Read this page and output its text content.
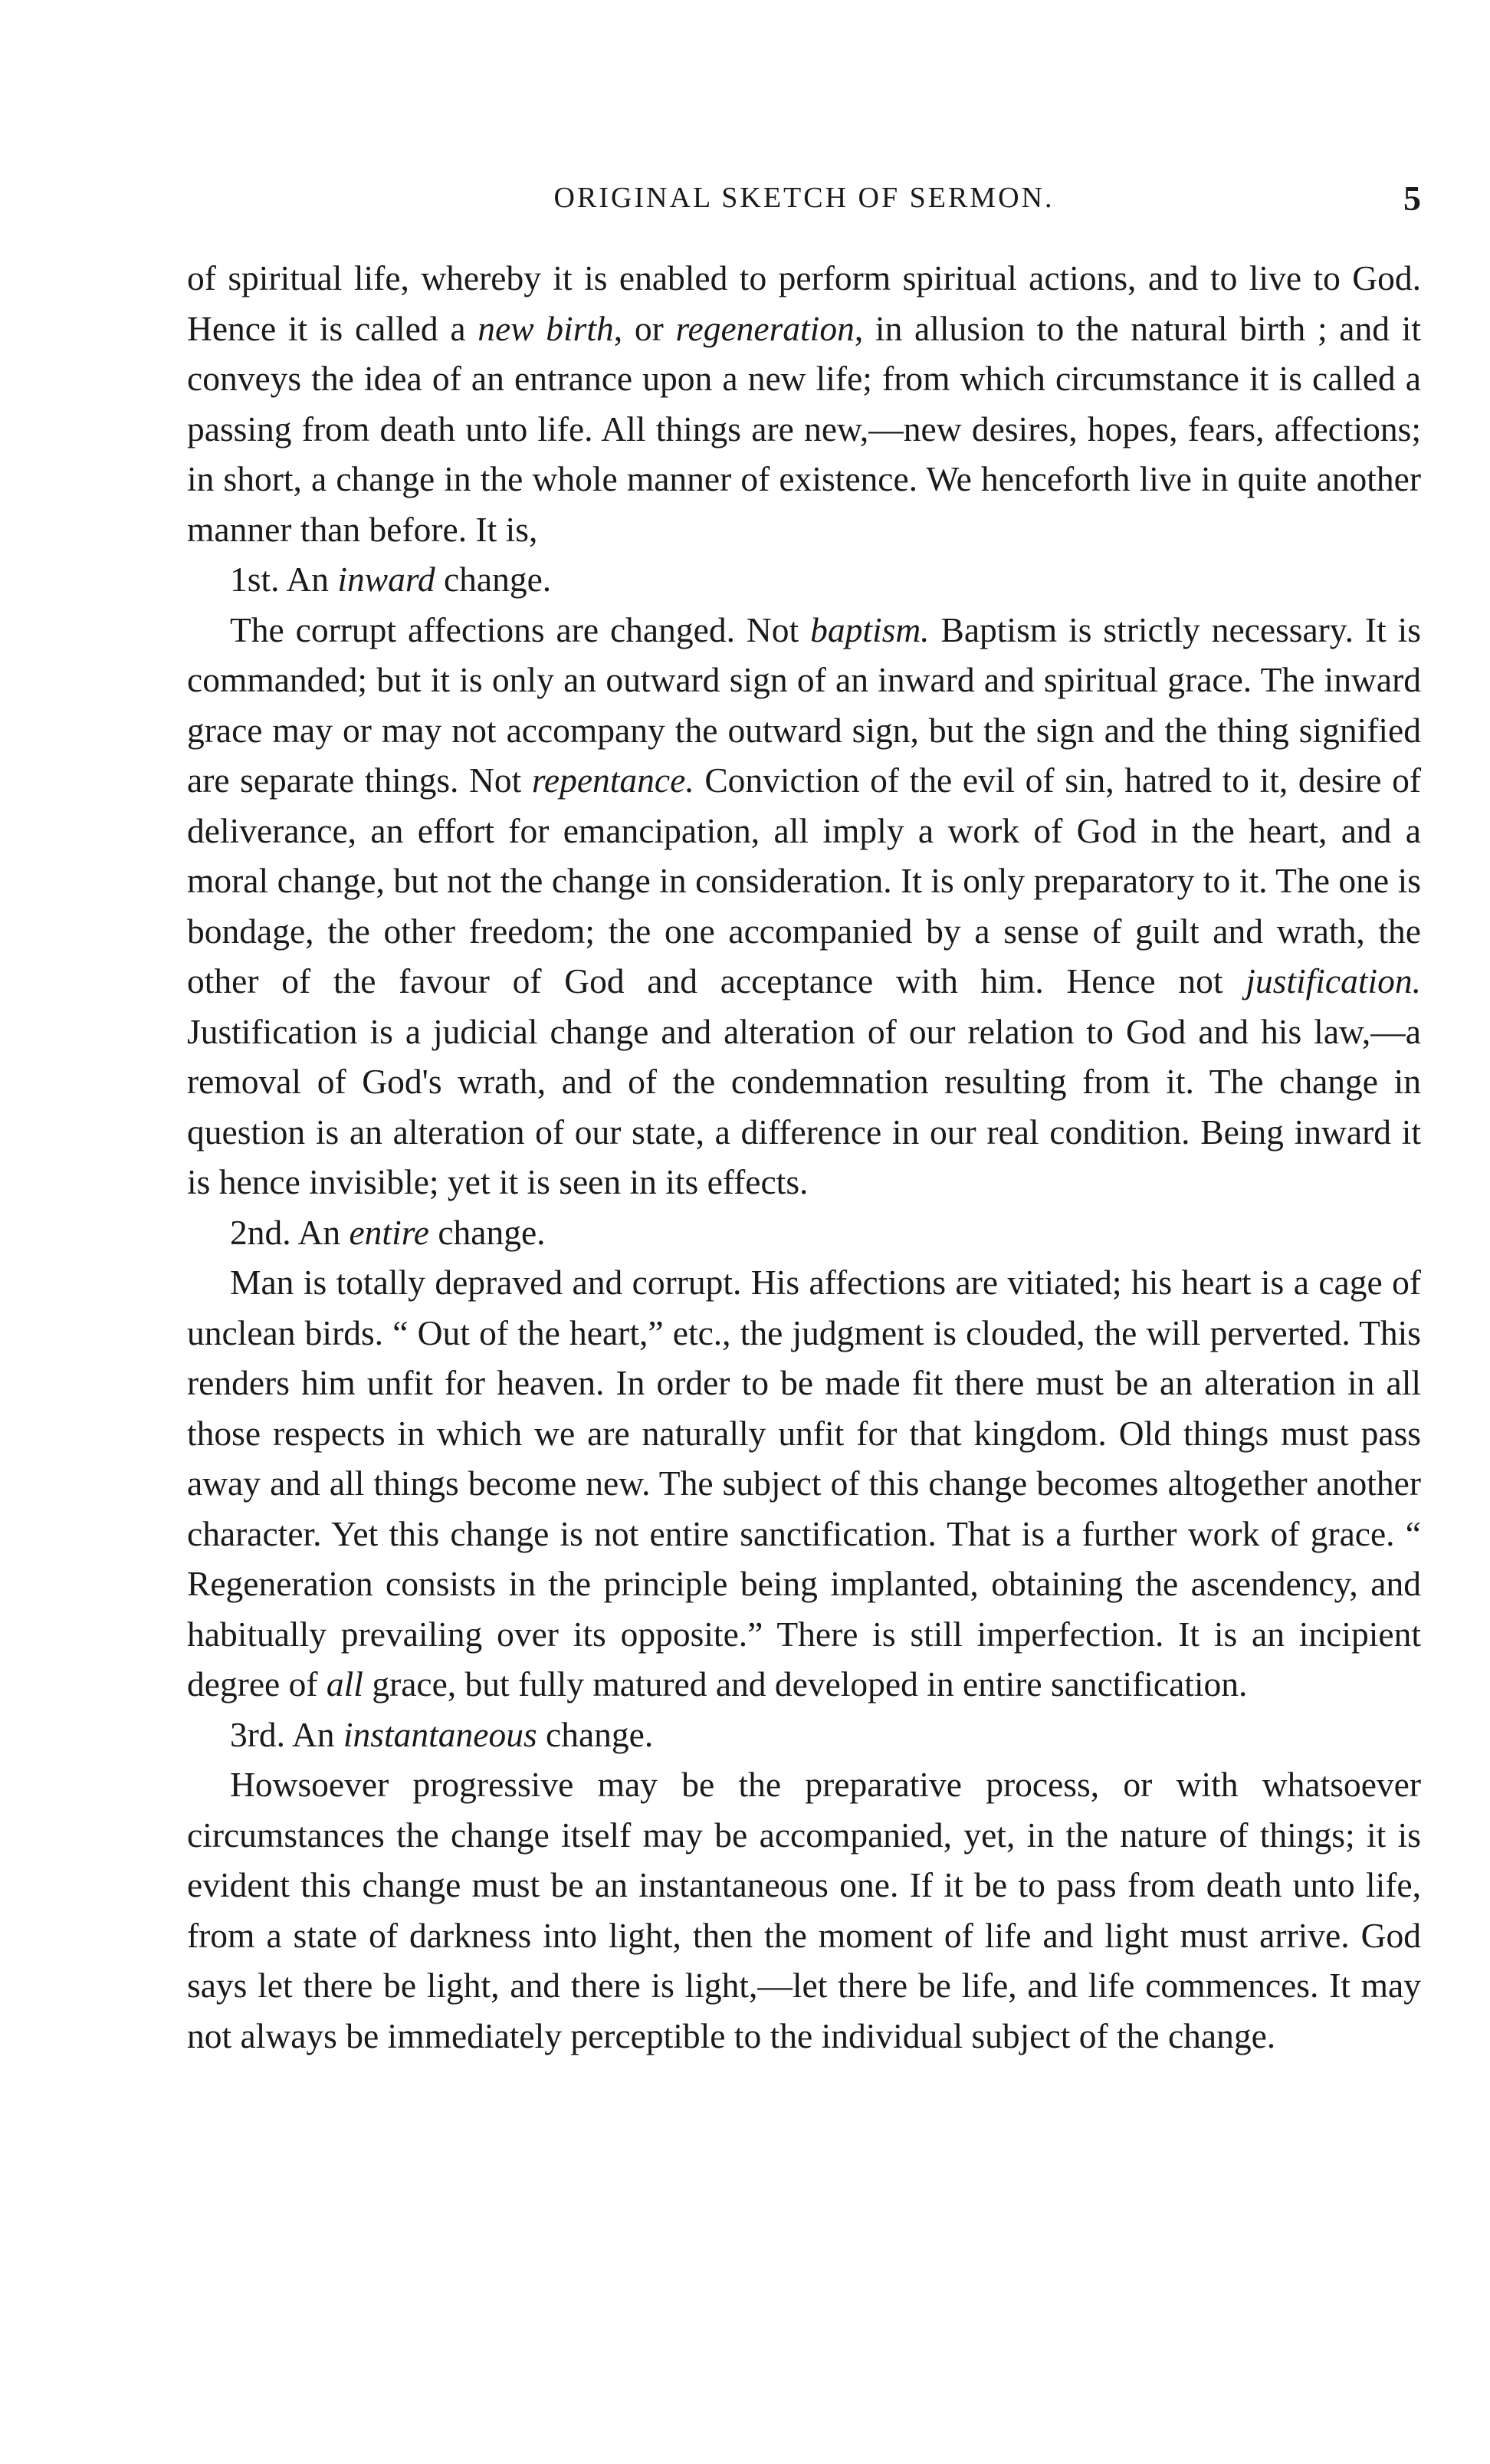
ORIGINAL SKETCH OF SERMON.	5

of spiritual life, whereby it is enabled to perform spiritual actions, and to live to God. Hence it is called a new birth, or regeneration, in allusion to the natural birth ; and it conveys the idea of an entrance upon a new life; from which circumstance it is called a passing from death unto life. All things are new,—new desires, hopes, fears, affections; in short, a change in the whole manner of existence. We henceforth live in quite another manner than before. It is,

1st. An inward change.

The corrupt affections are changed. Not baptism. Baptism is strictly necessary. It is commanded; but it is only an outward sign of an inward and spiritual grace. The inward grace may or may not accompany the outward sign, but the sign and the thing signified are separate things. Not repentance. Conviction of the evil of sin, hatred to it, desire of deliverance, an effort for emancipation, all imply a work of God in the heart, and a moral change, but not the change in consideration. It is only preparatory to it. The one is bondage, the other freedom; the one accompanied by a sense of guilt and wrath, the other of the favour of God and acceptance with him. Hence not justification. Justification is a judicial change and alteration of our relation to God and his law,—a removal of God's wrath, and of the condemnation resulting from it. The change in question is an alteration of our state, a difference in our real condition. Being inward it is hence invisible; yet it is seen in its effects.

2nd. An entire change.

Man is totally depraved and corrupt. His affections are vitiated; his heart is a cage of unclean birds. “ Out of the heart,” etc., the judgment is clouded, the will perverted. This renders him unfit for heaven. In order to be made fit there must be an alteration in all those respects in which we are naturally unfit for that kingdom. Old things must pass away and all things become new. The subject of this change becomes altogether another character. Yet this change is not entire sanctification. That is a further work of grace. “ Regeneration consists in the principle being implanted, obtaining the ascendency, and habitually prevailing over its opposite.” There is still imperfection. It is an incipient degree of all grace, but fully matured and developed in entire sanctification.

3rd. An instantaneous change.

Howsoever progressive may be the preparative process, or with whatsoever circumstances the change itself may be accompanied, yet, in the nature of things; it is evident this change must be an instantaneous one. If it be to pass from death unto life, from a state of darkness into light, then the moment of life and light must arrive. God says let there be light, and there is light,—let there be life, and life commences. It may not always be immediately perceptible to the individual subject of the change.
